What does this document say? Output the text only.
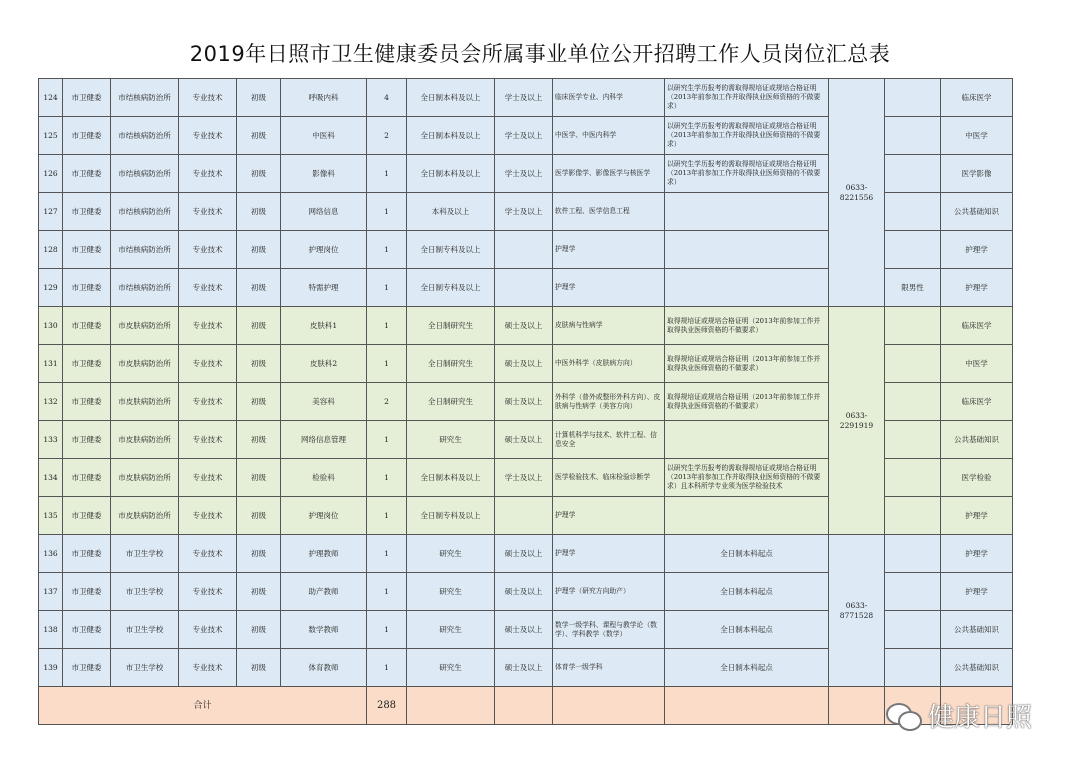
2019年日照市卫生健康委员会所属事业单位公开招聘工作人员岗位汇总表
124	市卫健委	市结核病防治所	专业技术	初级	呼吸内科	4	全日制本科及以上	学士及以上	临床医学专业、内科学	以研究生学历报考的需取得规培证或规培合格证明（2013年前参加工作并取得执业医师资格的不做要求）	0633-8221556		临床医学
125	市卫健委	市结核病防治所	专业技术	初级	中医科	2	全日制本科及以上	学士及以上	中医学、中医内科学	以研究生学历报考的需取得规培证或规培合格证明（2013年前参加工作并取得执业医师资格的不做要求）			中医学
126	市卫健委	市结核病防治所	专业技术	初级	影像科	1	全日制本科及以上	学士及以上	医学影像学、影像医学与核医学	以研究生学历报考的需取得规培证或规培合格证明（2013年前参加工作并取得执业医师资格的不做要求）			医学影像
127	市卫健委	市结核病防治所	专业技术	初级	网络信息	1	本科及以上	学士及以上	软件工程、医学信息工程				公共基础知识
128	市卫健委	市结核病防治所	专业技术	初级	护理岗位	1	全日制专科及以上		护理学				护理学
129	市卫健委	市结核病防治所	专业技术	初级	特需护理	1	全日制专科及以上		护理学			限男性	护理学
130	市卫健委	市皮肤病防治所	专业技术	初级	皮肤科1	1	全日制研究生	硕士及以上	皮肤病与性病学	取得规培证或规培合格证明（2013年前参加工作并取得执业医师资格的不做要求）	0633-2291919		临床医学
131	市卫健委	市皮肤病防治所	专业技术	初级	皮肤科2	1	全日制研究生	硕士及以上	中医外科学（皮肤病方向）	取得规培证或规培合格证明（2013年前参加工作并取得执业医师资格的不做要求）			中医学
132	市卫健委	市皮肤病防治所	专业技术	初级	美容科	2	全日制研究生	硕士及以上	外科学（普外或整形外科方向）、皮肤病与性病学（美容方向）	取得规培证或规培合格证明（2013年前参加工作并取得执业医师资格的不做要求）			临床医学
133	市卫健委	市皮肤病防治所	专业技术	初级	网络信息管理	1	研究生	硕士及以上	计算机科学与技术、软件工程、信息安全				公共基础知识
134	市卫健委	市皮肤病防治所	专业技术	初级	检验科	1	全日制本科及以上	学士及以上	医学检验技术、临床检验诊断学	以研究生学历报考的需取得规培证或规培合格证明（2013年前参加工作并取得执业医师资格的不做要求）且本科所学专业须为医学检验技术			医学检验
135	市卫健委	市皮肤病防治所	专业技术	初级	护理岗位	1	全日制专科及以上		护理学				护理学
136	市卫健委	市卫生学校	专业技术	初级	护理教师	1	研究生	硕士及以上	护理学	全日制本科起点	0633-8771528		护理学
137	市卫健委	市卫生学校	专业技术	初级	助产教师	1	研究生	硕士及以上	护理学（研究方向助产）	全日制本科起点			护理学
138	市卫健委	市卫生学校	专业技术	初级	数学教师	1	研究生	硕士及以上	数学一级学科、课程与教学论（数学）、学科教学（数学）	全日制本科起点			公共基础知识
139	市卫健委	市卫生学校	专业技术	初级	体育教师	1	研究生	硕士及以上	体育学一级学科	全日制本科起点			公共基础知识
合计						288								健康日照
